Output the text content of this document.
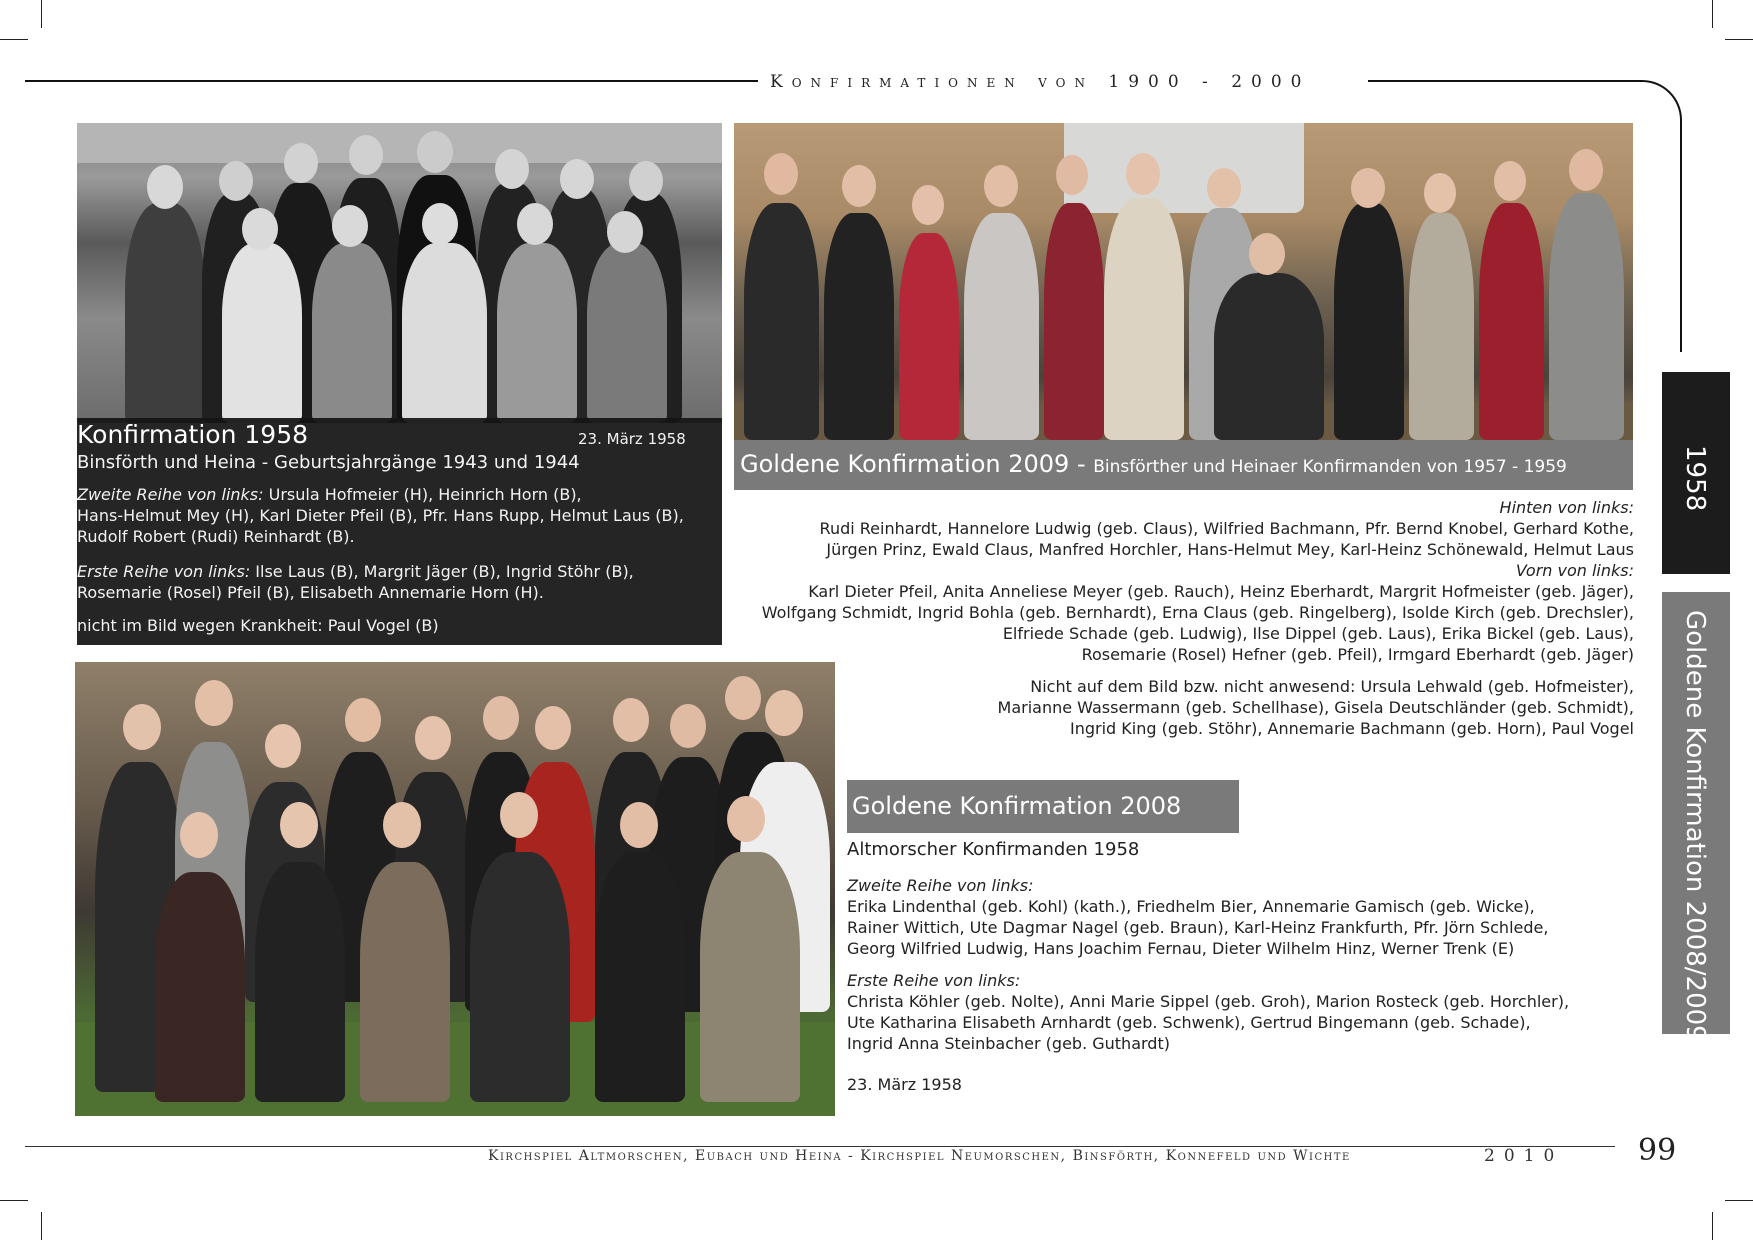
Konfirmationen von 1900 - 2000
Konfirmation 1958	23. März 1958
Binsförth und Heina - Geburtsjahrgänge 1943 und 1944
Zweite Reihe von links: Ursula Hofmeier (H), Heinrich Horn (B),
Hans-Helmut Mey (H), Karl Dieter Pfeil (B), Pfr. Hans Rupp, Helmut Laus (B),
Rudolf Robert (Rudi) Reinhardt (B).
Erste Reihe von links: Ilse Laus (B), Margrit Jäger (B), Ingrid Stöhr (B),
Rosemarie (Rosel) Pfeil (B), Elisabeth Annemarie Horn (H).
nicht im Bild wegen Krankheit: Paul Vogel (B)
Goldene Konfirmation 2009 - Binsförther und Heinaer Konfirmanden von 1957 - 1959
Hinten von links:
Rudi Reinhardt, Hannelore Ludwig (geb. Claus), Wilfried Bachmann, Pfr. Bernd Knobel, Gerhard Kothe,
Jürgen Prinz, Ewald Claus, Manfred Horchler, Hans-Helmut Mey, Karl-Heinz Schönewald, Helmut Laus
Vorn von links:
Karl Dieter Pfeil, Anita Anneliese Meyer (geb. Rauch), Heinz Eberhardt, Margrit Hofmeister (geb. Jäger),
Wolfgang Schmidt, Ingrid Bohla (geb. Bernhardt), Erna Claus (geb. Ringelberg), Isolde Kirch (geb. Drechsler),
Elfriede Schade (geb. Ludwig), Ilse Dippel (geb. Laus), Erika Bickel (geb. Laus),
Rosemarie (Rosel) Hefner (geb. Pfeil), Irmgard Eberhardt (geb. Jäger)
Nicht auf dem Bild bzw. nicht anwesend: Ursula Lehwald (geb. Hofmeister),
Marianne Wassermann (geb. Schellhase), Gisela Deutschländer (geb. Schmidt),
Ingrid King (geb. Stöhr), Annemarie Bachmann (geb. Horn), Paul Vogel
Goldene Konfirmation 2008
Altmorscher Konfirmanden 1958
Zweite Reihe von links:
Erika Lindenthal (geb. Kohl) (kath.), Friedhelm Bier, Annemarie Gamisch (geb. Wicke),
Rainer Wittich, Ute Dagmar Nagel (geb. Braun), Karl-Heinz Frankfurth, Pfr. Jörn Schlede,
Georg Wilfried Ludwig, Hans Joachim Fernau, Dieter Wilhelm Hinz, Werner Trenk (E)
Erste Reihe von links:
Christa Köhler (geb. Nolte), Anni Marie Sippel (geb. Groh), Marion Rosteck (geb. Horchler),
Ute Katharina Elisabeth Arnhardt (geb. Schwenk), Gertrud Bingemann (geb. Schade),
Ingrid Anna Steinbacher (geb. Guthardt)
23. März 1958
1958
Goldene Konfirmation 2008/2009
Kirchspiel Altmorschen, Eubach und Heina - Kirchspiel Neumorschen, Binsförth, Konnefeld und Wichte	2010 99
